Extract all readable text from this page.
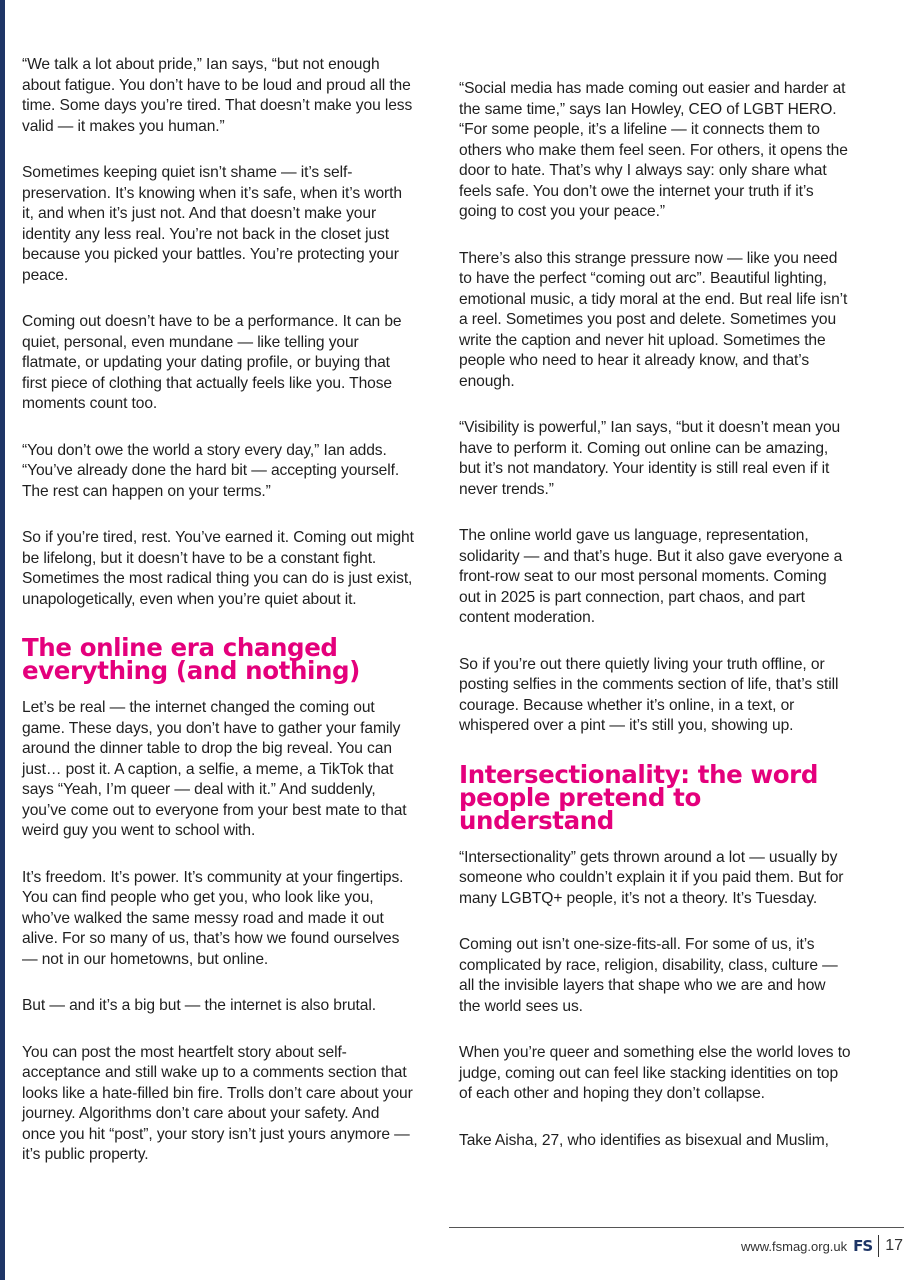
“We talk a lot about pride,” Ian says, “but not enough about fatigue. You don’t have to be loud and proud all the time. Some days you’re tired. That doesn’t make you less valid — it makes you human.”

Sometimes keeping quiet isn’t shame — it’s self-preservation. It’s knowing when it’s safe, when it’s worth it, and when it’s just not. And that doesn’t make your identity any less real. You’re not back in the closet just because you picked your battles. You’re protecting your peace.

Coming out doesn’t have to be a performance. It can be quiet, personal, even mundane — like telling your flatmate, or updating your dating profile, or buying that first piece of clothing that actually feels like you. Those moments count too.

“You don’t owe the world a story every day,” Ian adds. “You’ve already done the hard bit — accepting yourself. The rest can happen on your terms.”

So if you’re tired, rest. You’ve earned it. Coming out might be lifelong, but it doesn’t have to be a constant fight. Sometimes the most radical thing you can do is just exist, unapologetically, even when you’re quiet about it.

The online era changed everything (and nothing)

Let’s be real — the internet changed the coming out game. These days, you don’t have to gather your family around the dinner table to drop the big reveal. You can just… post it. A caption, a selfie, a meme, a TikTok that says “Yeah, I’m queer — deal with it.” And suddenly, you’ve come out to everyone from your best mate to that weird guy you went to school with.

It’s freedom. It’s power. It’s community at your fingertips. You can find people who get you, who look like you, who’ve walked the same messy road and made it out alive. For so many of us, that’s how we found ourselves — not in our hometowns, but online.

But — and it’s a big but — the internet is also brutal.

You can post the most heartfelt story about self-acceptance and still wake up to a comments section that looks like a hate-filled bin fire. Trolls don’t care about your journey. Algorithms don’t care about your safety. And once you hit “post”, your story isn’t just yours anymore — it’s public property.

“Social media has made coming out easier and harder at the same time,” says Ian Howley, CEO of LGBT HERO. “For some people, it’s a lifeline — it connects them to others who make them feel seen. For others, it opens the door to hate. That’s why I always say: only share what feels safe. You don’t owe the internet your truth if it’s going to cost you your peace.”

There’s also this strange pressure now — like you need to have the perfect “coming out arc”. Beautiful lighting, emotional music, a tidy moral at the end. But real life isn’t a reel. Sometimes you post and delete. Sometimes you write the caption and never hit upload. Sometimes the people who need to hear it already know, and that’s enough.

“Visibility is powerful,” Ian says, “but it doesn’t mean you have to perform it. Coming out online can be amazing, but it’s not mandatory. Your identity is still real even if it never trends.”

The online world gave us language, representation, solidarity — and that’s huge. But it also gave everyone a front-row seat to our most personal moments. Coming out in 2025 is part connection, part chaos, and part content moderation.

So if you’re out there quietly living your truth offline, or posting selfies in the comments section of life, that’s still courage. Because whether it’s online, in a text, or whispered over a pint — it’s still you, showing up.

Intersectionality: the word people pretend to understand

“Intersectionality” gets thrown around a lot — usually by someone who couldn’t explain it if you paid them. But for many LGBTQ+ people, it’s not a theory. It’s Tuesday.

Coming out isn’t one-size-fits-all. For some of us, it’s complicated by race, religion, disability, class, culture — all the invisible layers that shape who we are and how the world sees us.

When you’re queer and something else the world loves to judge, coming out can feel like stacking identities on top of each other and hoping they don’t collapse.

Take Aisha, 27, who identifies as bisexual and Muslim,

www.fsmag.org.uk FS 17
